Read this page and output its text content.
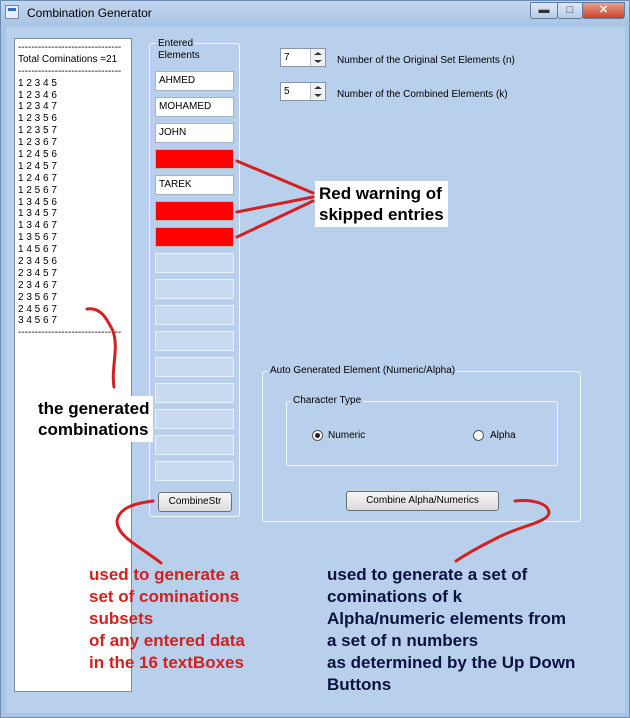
Combination Generator	▬	□	✕
-------------------------------
Total Cominations =21
-------------------------------
1 2 3 4 5
1 2 3 4 6
1 2 3 4 7
1 2 3 5 6
1 2 3 5 7
1 2 3 6 7
1 2 4 5 6
1 2 4 5 7
1 2 4 6 7
1 2 5 6 7
1 3 4 5 6
1 3 4 5 7
1 3 4 6 7
1 3 5 6 7
1 4 5 6 7
2 3 4 5 6
2 3 4 5 7
2 3 4 6 7
2 3 5 6 7
2 4 5 6 7
3 4 5 6 7
-------------------------------
Entered
Elements
AHMED
MOHAMED
JOHN
TAREK
CombineStr
7	Number of the Original Set Elements (n)
5	Number of the Combined Elements (k)
Auto Generated Element (Numeric/Alpha)
Character Type
Numeric	Alpha
Combine Alpha/Numerics
Red warning of
skipped entries
the generated
combinations
used to generate a
set of cominations
subsets
of any entered data
in the 16 textBoxes
used to generate a set of
cominations of k
Alpha/numeric elements from
a set of n numbers
as determined by the Up Down
Buttons
